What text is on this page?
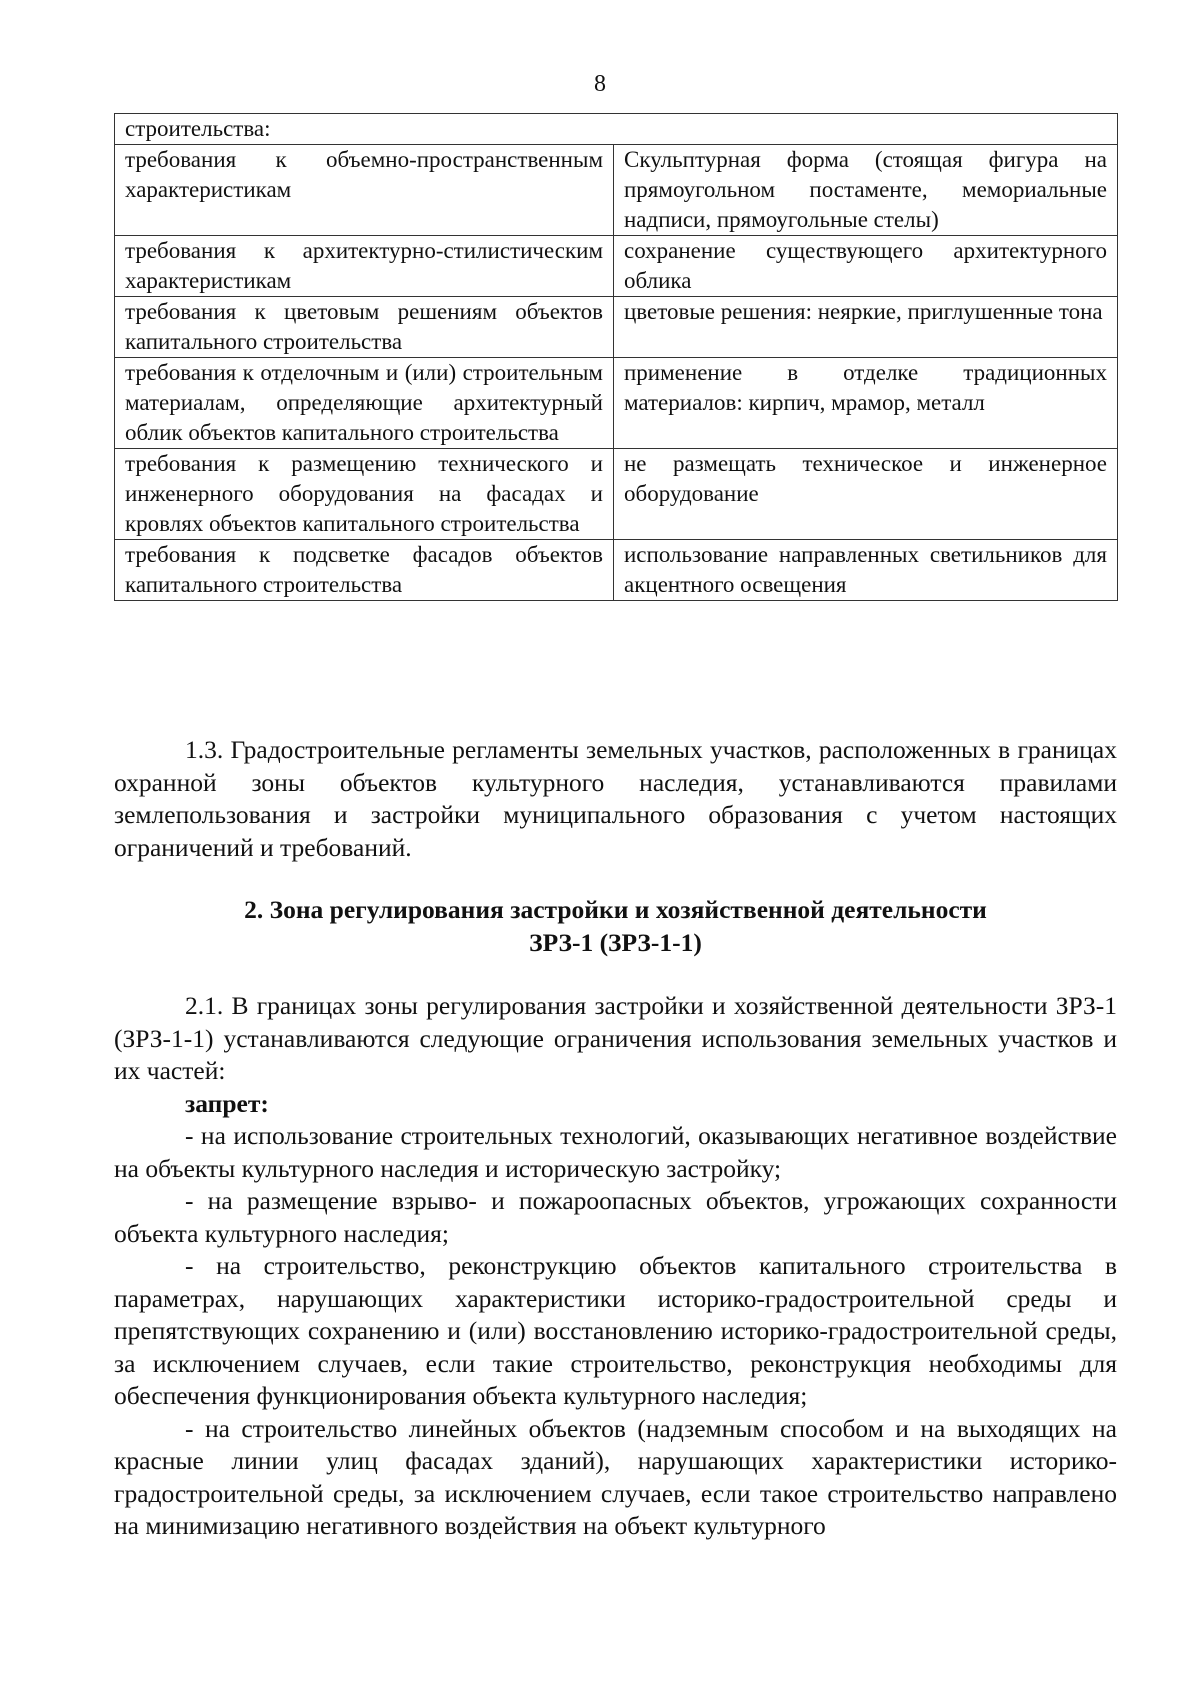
8
строительства:	
требования к объемно-пространственным характеристикам	Скульптурная форма (стоящая фигура на прямоугольном постаменте, мемориальные надписи, прямоугольные стелы)
требования к архитектурно-стилистическим характеристикам	сохранение существующего архитектурного облика
требования к цветовым решениям объектов капитального строительства	цветовые решения: неяркие, приглушенные тона
требования к отделочным и (или) строительным материалам, определяющие архитектурный облик объектов капитального строительства	применение в отделке традиционных материалов: кирпич, мрамор, металл
требования к размещению технического и инженерного оборудования на фасадах и кровлях объектов капитального строительства	не размещать техническое и инженерное оборудование
требования к подсветке фасадов объектов капитального строительства	использование направленных светильников для акцентного освещения

1.3. Градостроительные регламенты земельных участков, расположенных в границах охранной зоны объектов культурного наследия, устанавливаются правилами землепользования и застройки муниципального образования с учетом настоящих ограничений и требований.

2. Зона регулирования застройки и хозяйственной деятельности

ЗРЗ-1 (ЗРЗ-1-1)

2.1. В границах зоны регулирования застройки и хозяйственной деятельности ЗРЗ-1 (ЗРЗ-1-1) устанавливаются следующие ограничения использования земельных участков и их частей:

запрет:

- на использование строительных технологий, оказывающих негативное воздействие на объекты культурного наследия и историческую застройку;

- на размещение взрыво- и пожароопасных объектов, угрожающих сохранности объекта культурного наследия;

- на строительство, реконструкцию объектов капитального строительства в параметрах, нарушающих характеристики историко-градостроительной среды и препятствующих сохранению и (или) восстановлению историко-градостроительной среды, за исключением случаев, если такие строительство, реконструкция необходимы для обеспечения функционирования объекта культурного наследия;

- на строительство линейных объектов (надземным способом и на выходящих на красные линии улиц фасадах зданий), нарушающих характеристики историко-градостроительной среды, за исключением случаев, если такое строительство направлено на минимизацию негативного воздействия на объект культурного
